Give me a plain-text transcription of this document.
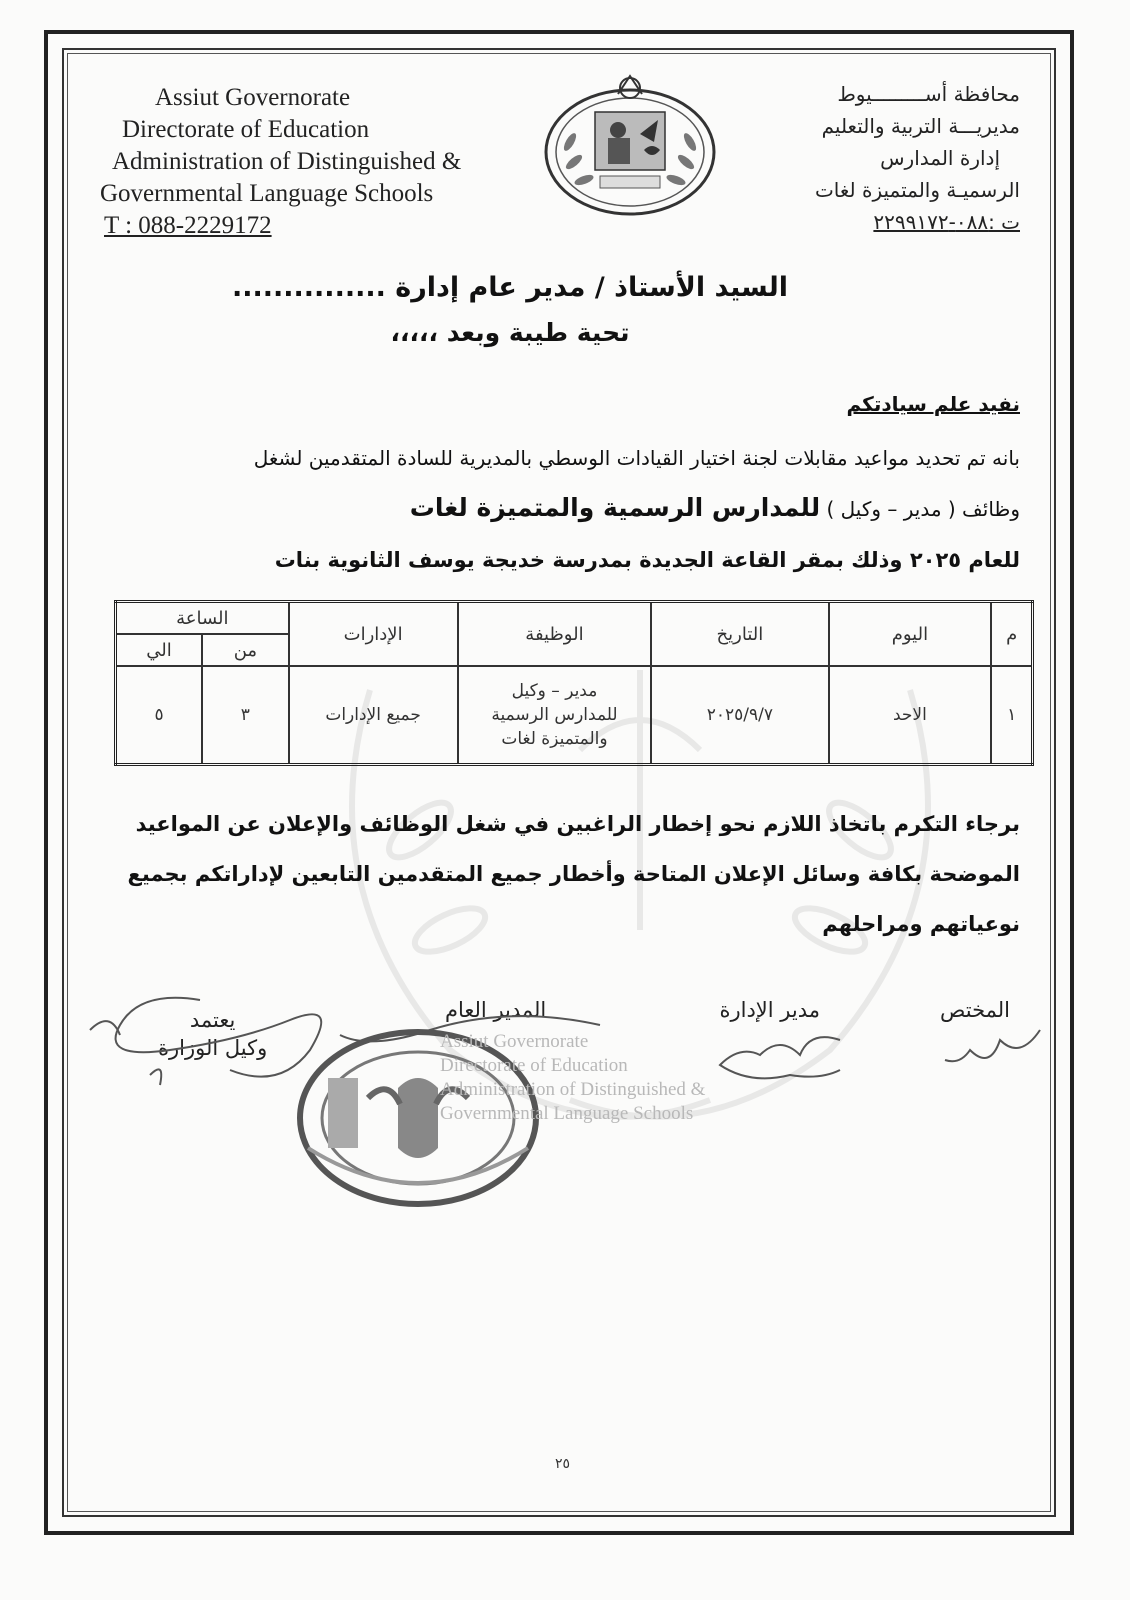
Assiut Governorate
Directorate of Education
Administration of Distinguished &
Governmental Language Schools
T : 088-2229172
محافظة أســـــــــيوط
مديريـــة التربية والتعليم
إدارة المدارس
الرسميـة والمتميزة لغات
ت :٠٨٨-٢٢٩٩١٧٢
السيد الأستاذ / مدير عام إدارة ...............
تحية طيبة وبعد ،،،،،
نفيد علم سيادتكم
بانه تم تحديد مواعيد مقابلات لجنة اختيار القيادات الوسطي بالمديرية للسادة المتقدمين لشغل
وظائف ( مدير – وكيل ) للمدارس الرسمية والمتميزة لغات
للعام ٢٠٢٥ وذلك بمقر القاعة الجديدة بمدرسة خديجة يوسف الثانوية بنات
م	اليوم	التاريخ	الوظيفة	الإدارات	الساعة	
					من	الي
١	الاحد	٢٠٢٥/٩/٧	مدير – وكيل
للمدارس الرسمية
والمتميزة لغات	جميع الإدارات	٣	٥
برجاء التكرم باتخاذ اللازم نحو إخطار الراغبين في شغل الوظائف والإعلان عن المواعيد
الموضحة بكافة وسائل الإعلان المتاحة وأخطار جميع المتقدمين التابعين لإداراتكم بجميع
نوعياتهم ومراحلهم
Assiut Governorate
Directorate of Education
Administration of Distinguished &
Governmental Language Schools
المختص
مدير الإدارة
المدير العام
يعتمد
وكيل الوزارة
٢٥
